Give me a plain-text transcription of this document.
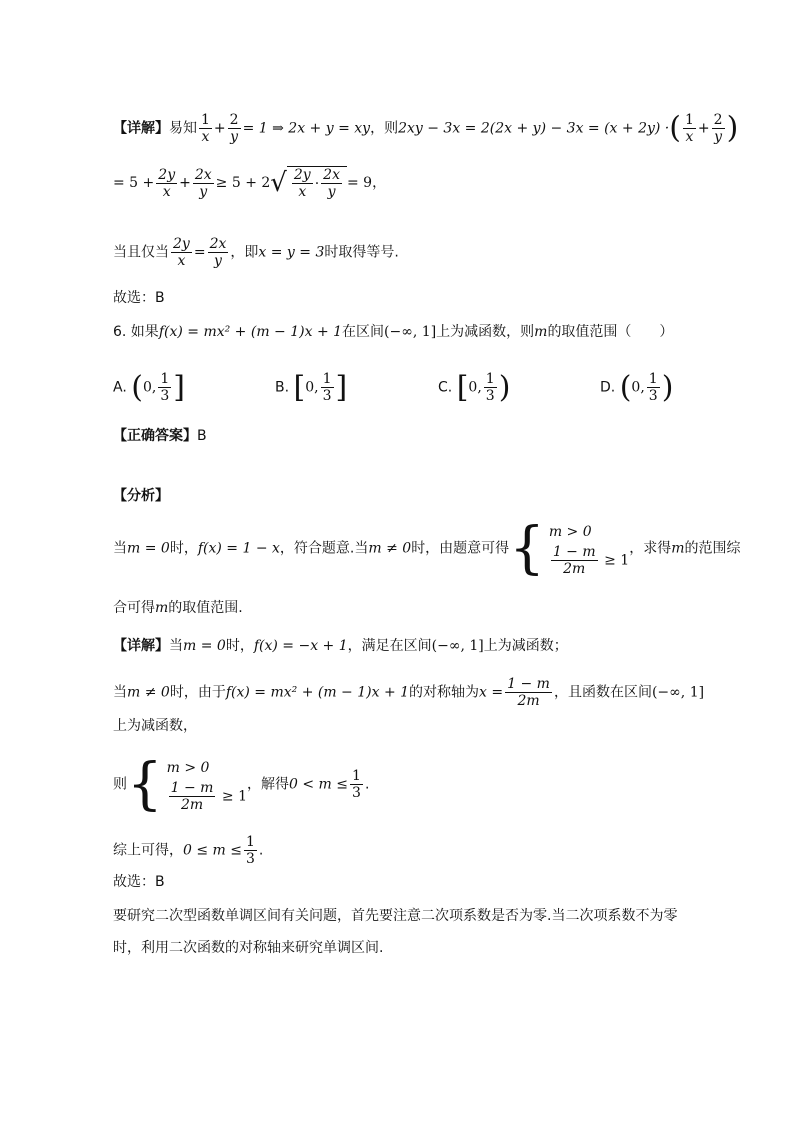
【详解】易知 $\frac{1}{x} + \frac{2}{y} = 1$ ⇒ 2x + y = xy，则2xy − 3x = 2(2x + y) − 3x = (x + 2y) ·( $\frac{1}{x} + \frac{2}{y}$ )
= $5 + \frac{2y}{x} + \frac{2x}{y} \ge 5 + 2$ √ $\frac{2y}{x} \cdot \frac{2x}{y} = 9$，
当且仅当 $\frac{2y}{x} = \frac{2x}{y}$ ，即x = y = 3时取得等号.
故选：B
6. 如果f(x) = mx² + (m − 1)x + 1在区间(−∞, 1]上为减函数，则m的取值范围（　　）
A. (0, $\frac{1}{3}$ ]	B. [0, $\frac{1}{3}$ ]	C. [0, $\frac{1}{3}$ )	D. (0, $\frac{1}{3}$ )
【正确答案】B
【分析】
当m = 0时，f(x) = 1 − x，符合题意.当m ≠ 0时，由题意可得 { m > 0
$\frac{1 - m}{2m} \ge 1$
，求得m的范围综
合可得m的取值范围.
【详解】当m = 0时，f(x) = −x + 1，满足在区间(−∞, 1]上为减函数；
当m ≠ 0时，由于f(x) = mx² + (m − 1)x + 1的对称轴为$x = \frac{1 - m}{2m}$ ，且函数在区间(−∞, 1]
上为减函数，
则 { m > 0
$\frac{1 - m}{2m} \ge 1$
，解得$0 < m \le \frac{1}{3}$ .
综上可得，$0 \le m \le \frac{1}{3}$ .
故选：B
要研究二次型函数单调区间有关问题，首先要注意二次项系数是否为零.当二次项系数不为零
时，利用二次函数的对称轴来研究单调区间.
